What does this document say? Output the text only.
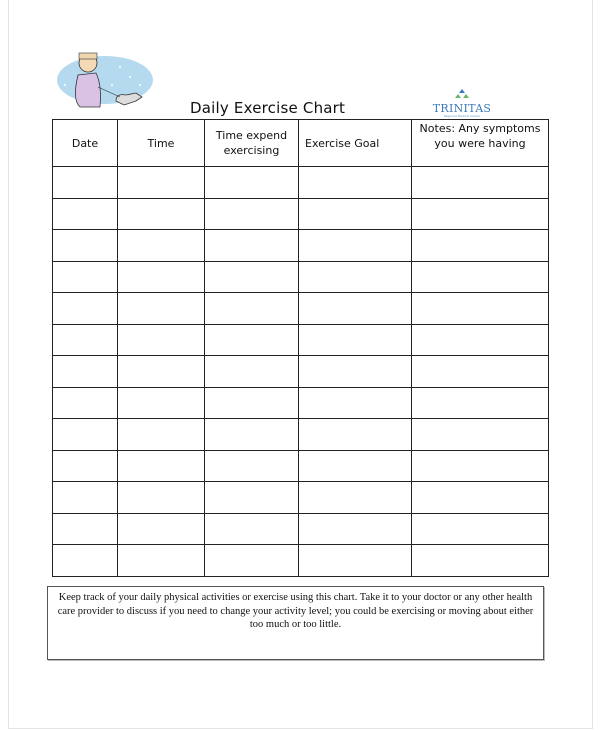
Daily Exercise Chart	TRINITAS
Regional Medical Center
Date	Time	Time expend exercising	Exercise Goal	Notes: Any symptoms you were having

Keep track of your daily physical activities or exercise using this chart. Take it to your doctor or any other health care provider to discuss if you need to change your activity level; you could be exercising or moving about either too much or too little.
